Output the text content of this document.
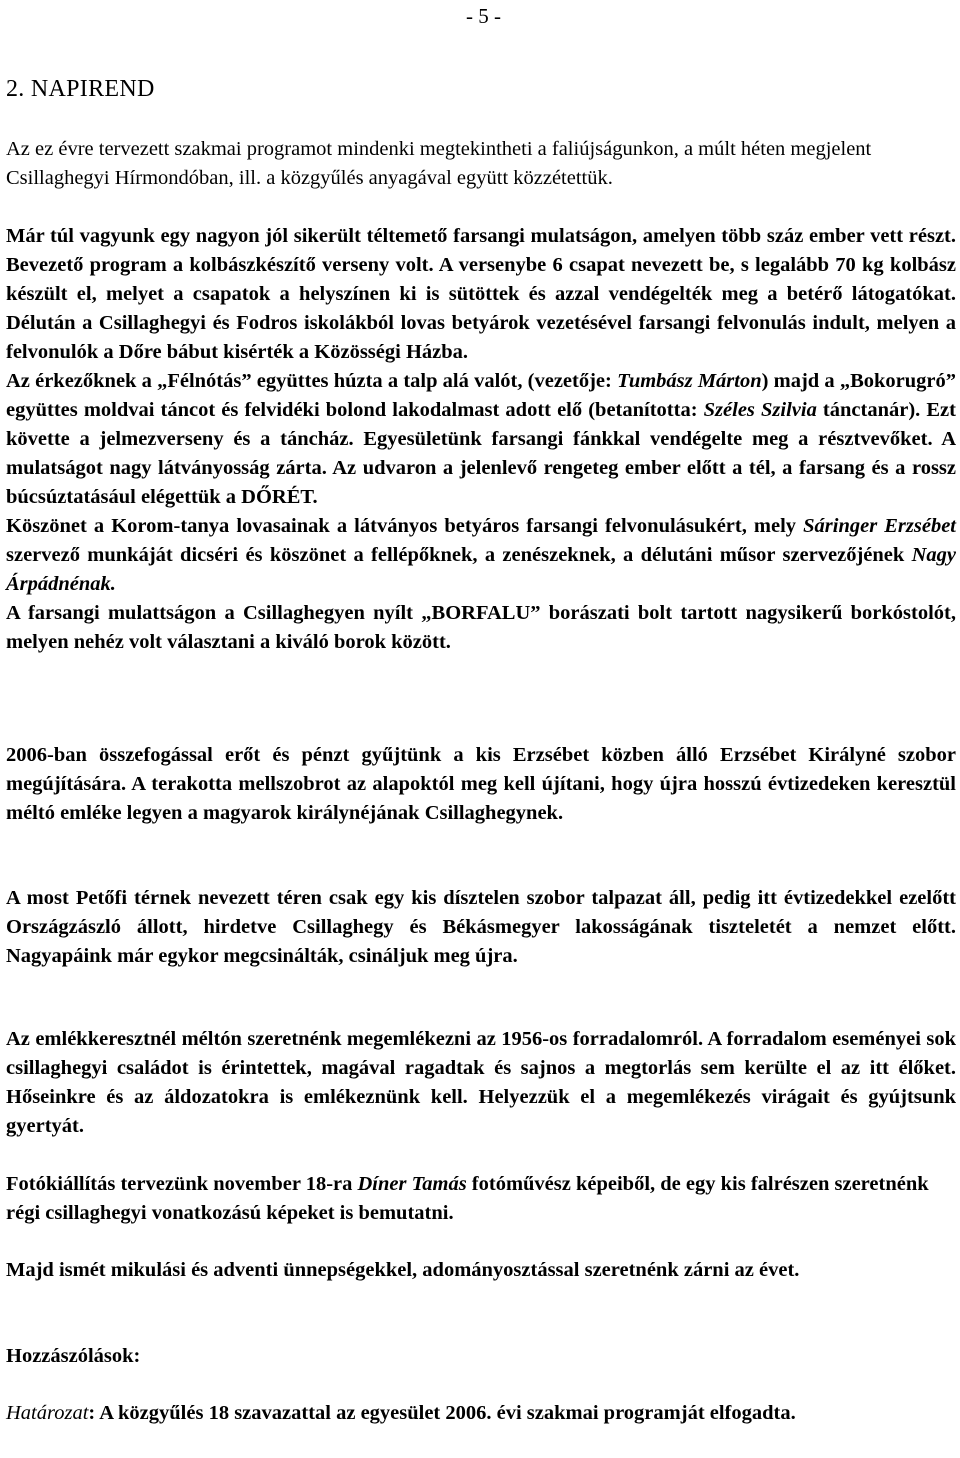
- 5 -
2. NAPIREND

Az ez évre tervezett szakmai programot mindenki megtekintheti a faliújságunkon, a múlt héten megjelent Csillaghegyi Hírmondóban, ill. a közgyűlés anyagával együtt közzétettük.

Már túl vagyunk egy nagyon jól sikerült téltemető farsangi mulatságon, amelyen több száz ember vett részt. Bevezető program a kolbászkészítő verseny volt. A versenybe 6 csapat nevezett be, s legalább 70 kg kolbász készült el, melyet a csapatok a helyszínen ki is sütöttek és azzal vendégelték meg a betérő látogatókat. Délután a Csillaghegyi és Fodros iskolákból lovas betyárok vezetésével farsangi felvonulás indult, melyen a felvonulók a Dőre bábut kisérték a Közösségi Házba.
Az érkezőknek a „Félnótás” együttes húzta a talp alá valót, (vezetője: Tumbász Márton) majd a „Bokorugró” együttes moldvai táncot és felvidéki bolond lakodalmast adott elő (betanította: Széles Szilvia tánctanár). Ezt követte a jelmezverseny és a táncház. Egyesületünk farsangi fánkkal vendégelte meg a résztvevőket. A mulatságot nagy látványosság zárta. Az udvaron a jelenlevő rengeteg ember előtt a tél, a farsang és a rossz búcsúztatásául elégettük a DŐRÉT.
Köszönet a Korom-tanya lovasainak a látványos betyáros farsangi felvonulásukért, mely Sáringer Erzsébet szervező munkáját dicséri és köszönet a fellépőknek, a zenészeknek, a délutáni műsor szervezőjének Nagy Árpádnénak.
A farsangi mulattságon a Csillaghegyen nyílt „BORFALU” borászati bolt tartott nagysikerű borkóstolót, melyen nehéz volt választani a kiváló borok között.

2006-ban összefogással erőt és pénzt gyűjtünk a kis Erzsébet közben álló Erzsébet Királyné szobor megújítására. A terakotta mellszobrot az alapoktól meg kell újítani, hogy újra hosszú évtizedeken keresztül méltó emléke legyen a magyarok királynéjának Csillaghegynek.

A most Petőfi térnek nevezett téren csak egy kis dísztelen szobor talpazat áll, pedig itt évtizedekkel ezelőtt Országzászló állott, hirdetve Csillaghegy és Békásmegyer lakosságának tiszteletét a nemzet előtt. Nagyapáink már egykor megcsinálták, csináljuk meg újra.

Az emlékkeresztnél méltón szeretnénk megemlékezni az 1956-os forradalomról. A forradalom eseményei sok csillaghegyi családot is érintettek, magával ragadtak és sajnos a megtorlás sem kerülte el az itt élőket. Hőseinkre és az áldozatokra is emlékeznünk kell. Helyezzük el a megemlékezés virágait és gyújtsunk gyertyát.

Fotókiállítás tervezünk november 18-ra Díner Tamás fotóművész képeiből, de egy kis falrészen szeretnénk régi csillaghegyi vonatkozású képeket is bemutatni.

Majd ismét mikulási és adventi ünnepségekkel, adományosztással szeretnénk zárni az évet.

Hozzászólások:

Határozat: A közgyűlés 18 szavazattal az egyesület 2006. évi szakmai programját elfogadta.
